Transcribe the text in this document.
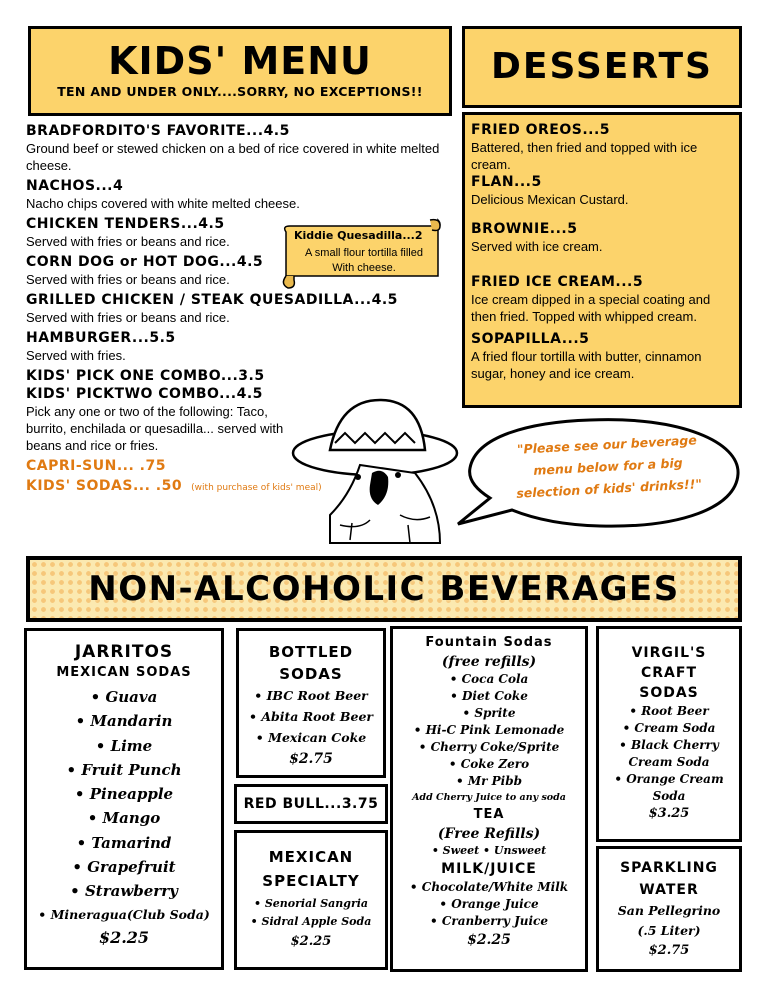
KIDS' MENU
TEN AND UNDER ONLY....SORRY, NO EXCEPTIONS!!
BRADFORDITO'S FAVORITE...4.5
Ground beef or stewed chicken on a bed of rice covered in white melted cheese.
NACHOS...4
Nacho chips covered with white melted cheese.
CHICKEN TENDERS...4.5
Served with fries or beans and rice.
CORN DOG or HOT DOG...4.5
Served with fries or beans and rice.
GRILLED CHICKEN / STEAK QUESADILLA...4.5
Served with fries or beans and rice.
HAMBURGER...5.5
Served with fries.
KIDS' PICK ONE COMBO...3.5
KIDS' PICKTWO COMBO...4.5
Pick any one or two of the following: Taco, burrito, enchilada or quesadilla... served with beans and rice or fries.
CAPRI-SUN... .75
KIDS' SODAS... .50 (with purchase of kids' meal)
Kiddie Quesadilla...2
A small flour tortilla filled With cheese.
"Please see our beverage menu below for a big selection of kids' drinks!!"
DESSERTS
FRIED OREOS...5
Battered, then fried and topped with ice cream.
FLAN...5
Delicious Mexican Custard.
BROWNIE...5
Served with ice cream.
FRIED ICE CREAM...5
Ice cream dipped in a special coating and then fried. Topped with whipped cream.
SOPAPILLA...5
A fried flour tortilla with butter, cinnamon sugar, honey and ice cream.
NON-ALCOHOLIC BEVERAGES
JARRITOS
MEXICAN SODAS
• Guava
• Mandarin
• Lime
• Fruit Punch
• Pineapple
• Mango
• Tamarind
• Grapefruit
• Strawberry
• Mineragua(Club Soda)
$2.25
BOTTLED
SODAS
• IBC Root Beer
• Abita Root Beer
• Mexican Coke
$2.75
RED BULL...3.75
MEXICAN
SPECIALTY
• Senorial Sangria
• Sidral Apple Soda
$2.25
Fountain Sodas
(free refills)
• Coca Cola
• Diet Coke
• Sprite
• Hi-C Pink Lemonade
• Cherry Coke/Sprite
• Coke Zero
• Mr Pibb
Add Cherry Juice to any soda
TEA
(Free Refills)
• Sweet • Unsweet
MILK/JUICE
• Chocolate/White Milk
• Orange Juice
• Cranberry Juice
$2.25
VIRGIL'S
CRAFT
SODAS
• Root Beer
• Cream Soda
• Black Cherry Cream Soda
• Orange Cream Soda
$3.25
SPARKLING
WATER
San Pellegrino
(.5 Liter)
$2.75
